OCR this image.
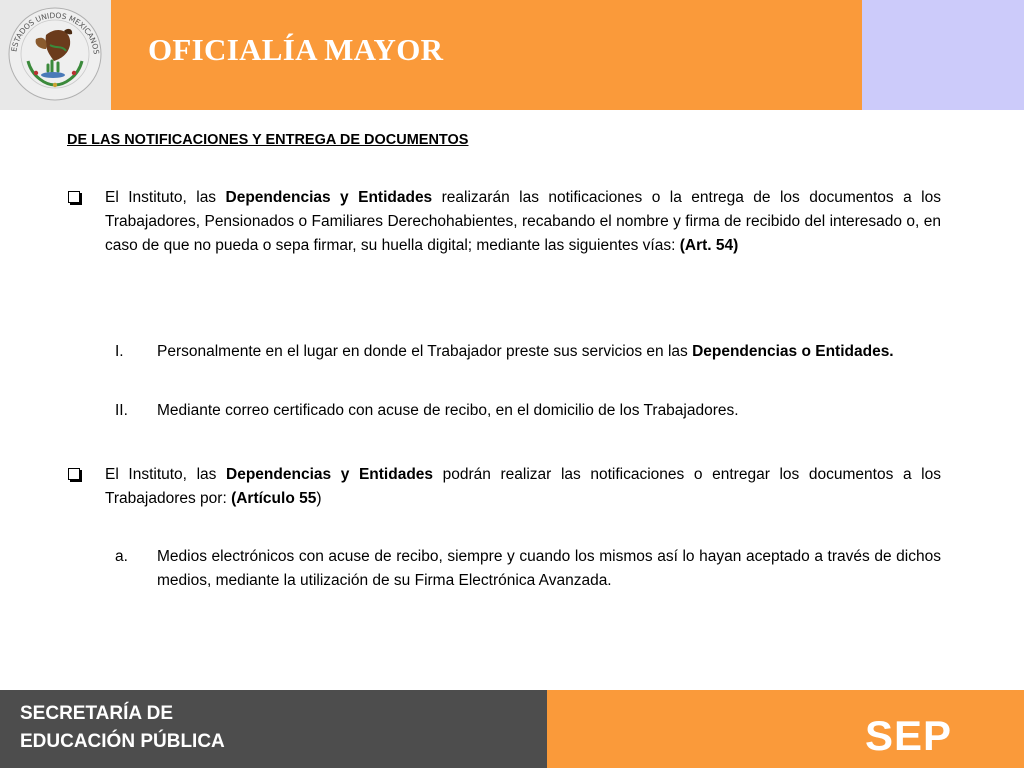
ESTADOS UNIDOS MEXICANOS OFICIALÍA MAYOR
DE LAS NOTIFICACIONES Y ENTREGA DE DOCUMENTOS
El Instituto, las Dependencias y Entidades realizarán las notificaciones o la entrega de los documentos a los Trabajadores, Pensionados o Familiares Derechohabientes, recabando el nombre y firma de recibido del interesado o, en caso de que no pueda o sepa firmar, su huella digital; mediante las siguientes vías: (Art. 54)
I. Personalmente en el lugar en donde el Trabajador preste sus servicios en las Dependencias o Entidades.
II. Mediante correo certificado con acuse de recibo, en el domicilio de los Trabajadores.
El Instituto, las Dependencias y Entidades podrán realizar las notificaciones o entregar los documentos a los Trabajadores por: (Artículo 55)
a. Medios electrónicos con acuse de recibo, siempre y cuando los mismos así lo hayan aceptado a través de dichos medios, mediante la utilización de su Firma Electrónica Avanzada.
SECRETARÍA DE
EDUCACIÓN PÚBLICA	SEP
